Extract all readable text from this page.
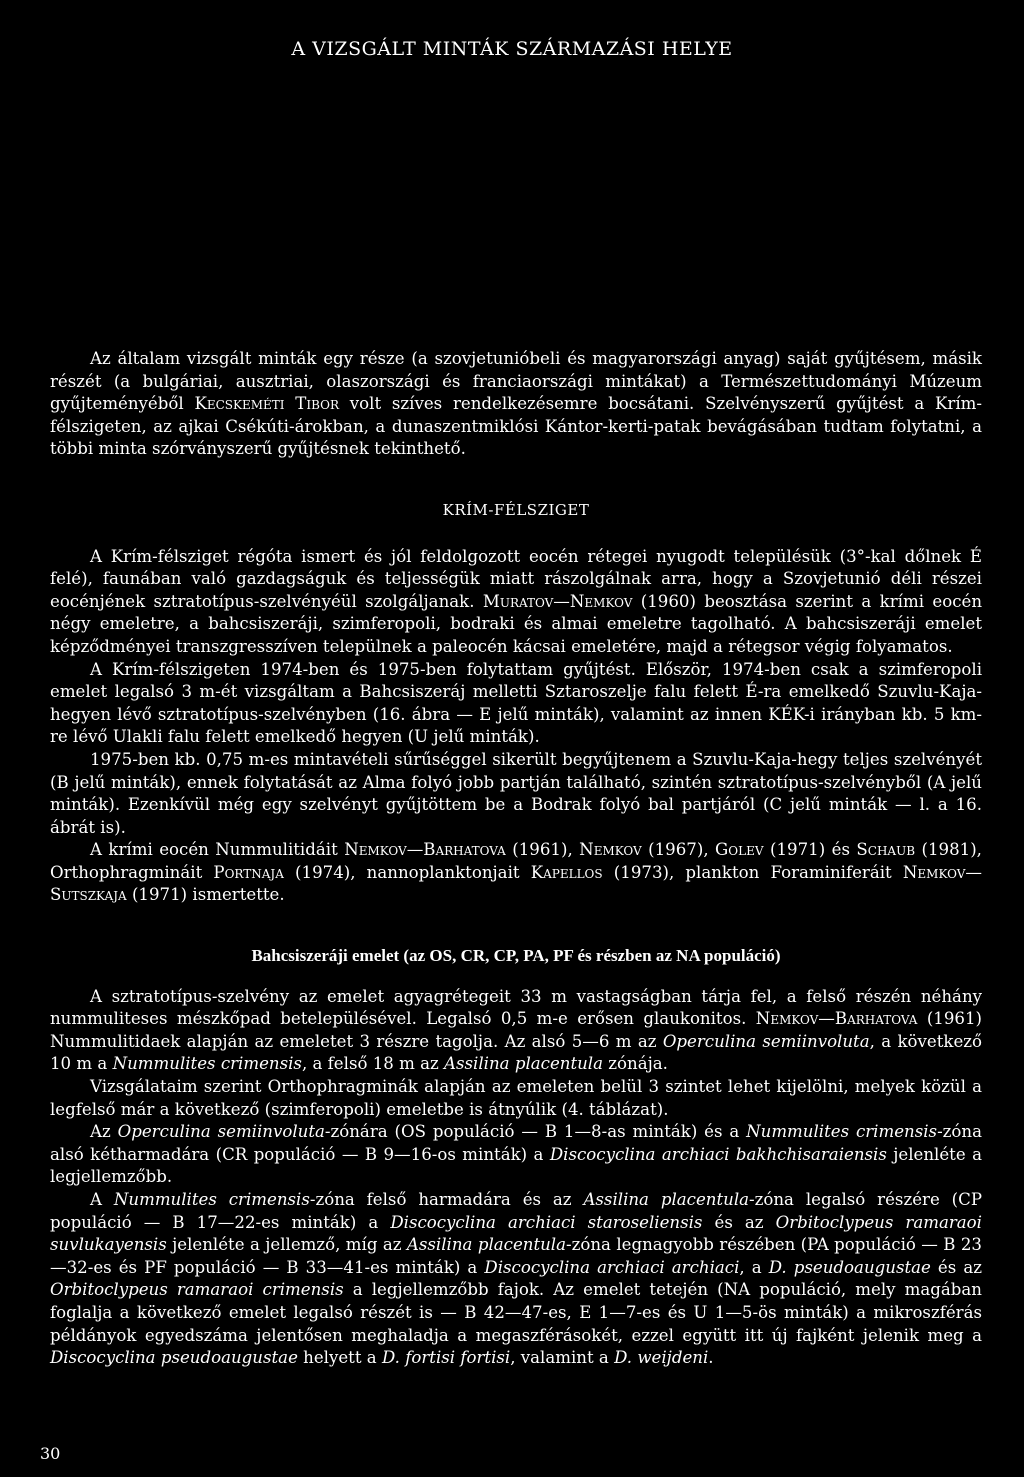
A VIZSGÁLT MINTÁK SZÁRMAZÁSI HELYE

Az általam vizsgált minták egy része (a szovjetunióbeli és magyarországi anyag) saját gyűjtésem, másik részét (a bulgáriai, ausztriai, olaszországi és franciaországi mintákat) a Természettudományi Múzeum gyűjteményéből Kecskeméti Tibor volt szíves rendelkezésemre bocsátani. Szelvényszerű gyűjtést a Krím-félszigeten, az ajkai Csékúti-árokban, a dunaszentmiklósi Kántor-kerti-patak bevágásában tudtam folytatni, a többi minta szórványszerű gyűjtésnek tekinthető.

KRÍM-FÉLSZIGET

A Krím-félsziget régóta ismert és jól feldolgozott eocén rétegei nyugodt településük (3°-kal dőlnek É felé), faunában való gazdagságuk és teljességük miatt rászolgálnak arra, hogy a Szovjetunió déli részei eocénjének sztratotípus-szelvényéül szolgáljanak. Muratov—Nemkov (1960) beosztása szerint a krími eocén négy emeletre, a bahcsiszeráji, szimferopoli, bodraki és almai emeletre tagolható. A bahcsiszeráji emelet képződményei transzgresszíven települnek a paleocén kácsai emeletére, majd a rétegsor végig folyamatos.

A Krím-félszigeten 1974-ben és 1975-ben folytattam gyűjtést. Először, 1974-ben csak a szimferopoli emelet legalsó 3 m-ét vizsgáltam a Bahcsiszeráj melletti Sztaroszelje falu felett É-ra emelkedő Szuvlu-Kaja-hegyen lévő sztratotípus-szelvényben (16. ábra — E jelű minták), valamint az innen KÉK-i irányban kb. 5 km-re lévő Ulakli falu felett emelkedő hegyen (U jelű minták).

1975-ben kb. 0,75 m-es mintavételi sűrűséggel sikerült begyűjtenem a Szuvlu-Kaja-hegy teljes szelvényét (B jelű minták), ennek folytatását az Alma folyó jobb partján található, szintén sztratotípus-szelvényből (A jelű minták). Ezenkívül még egy szelvényt gyűjtöttem be a Bodrak folyó bal partjáról (C jelű minták — l. a 16. ábrát is).

A krími eocén Nummulitidáit Nemkov—Barhatova (1961), Nemkov (1967), Golev (1971) és Schaub (1981), Orthophragmináit Portnaja (1974), nannoplanktonjait Kapellos (1973), plankton Foraminiferáit Nemkov—Sutszkaja (1971) ismertette.

Bahcsiszeráji emelet (az OS, CR, CP, PA, PF és részben az NA populáció)

A sztratotípus-szelvény az emelet agyagrétegeit 33 m vastagságban tárja fel, a felső részén néhány nummuliteses mészkőpad betelepülésével. Legalsó 0,5 m-e erősen glaukonitos. Nemkov—Barhatova (1961) Nummulitidaek alapján az emeletet 3 részre tagolja. Az alsó 5—6 m az Operculina semiinvoluta, a következő 10 m a Nummulites crimensis, a felső 18 m az Assilina placentula zónája.

Vizsgálataim szerint Orthophragminák alapján az emeleten belül 3 szintet lehet kijelölni, melyek közül a legfelső már a következő (szimferopoli) emeletbe is átnyúlik (4. táblázat).

Az Operculina semiinvoluta-zónára (OS populáció — B 1—8-as minták) és a Nummulites crimensis-zóna alsó kétharmadára (CR populáció — B 9—16-os minták) a Discocyclina archiaci bakhchisaraiensis jelenléte a legjellemzőbb.

A Nummulites crimensis-zóna felső harmadára és az Assilina placentula-zóna legalsó részére (CP populáció — B 17—22-es minták) a Discocyclina archiaci staroseliensis és az Orbitoclypeus ramaraoi suvlukayensis jelenléte a jellemző, míg az Assilina placentula-zóna legnagyobb részében (PA populáció — B 23—32-es és PF populáció — B 33—41-es minták) a Discocyclina archiaci archiaci, a D. pseudoaugustae és az Orbitoclypeus ramaraoi crimensis a legjellemzőbb fajok. Az emelet tetején (NA populáció, mely magában foglalja a következő emelet legalsó részét is — B 42—47-es, E 1—7-es és U 1—5-ös minták) a mikroszférás példányok egyedszáma jelentősen meghaladja a megaszférásokét, ezzel együtt itt új fajként jelenik meg a Discocyclina pseudoaugustae helyett a D. fortisi fortisi, valamint a D. weijdeni.

30
